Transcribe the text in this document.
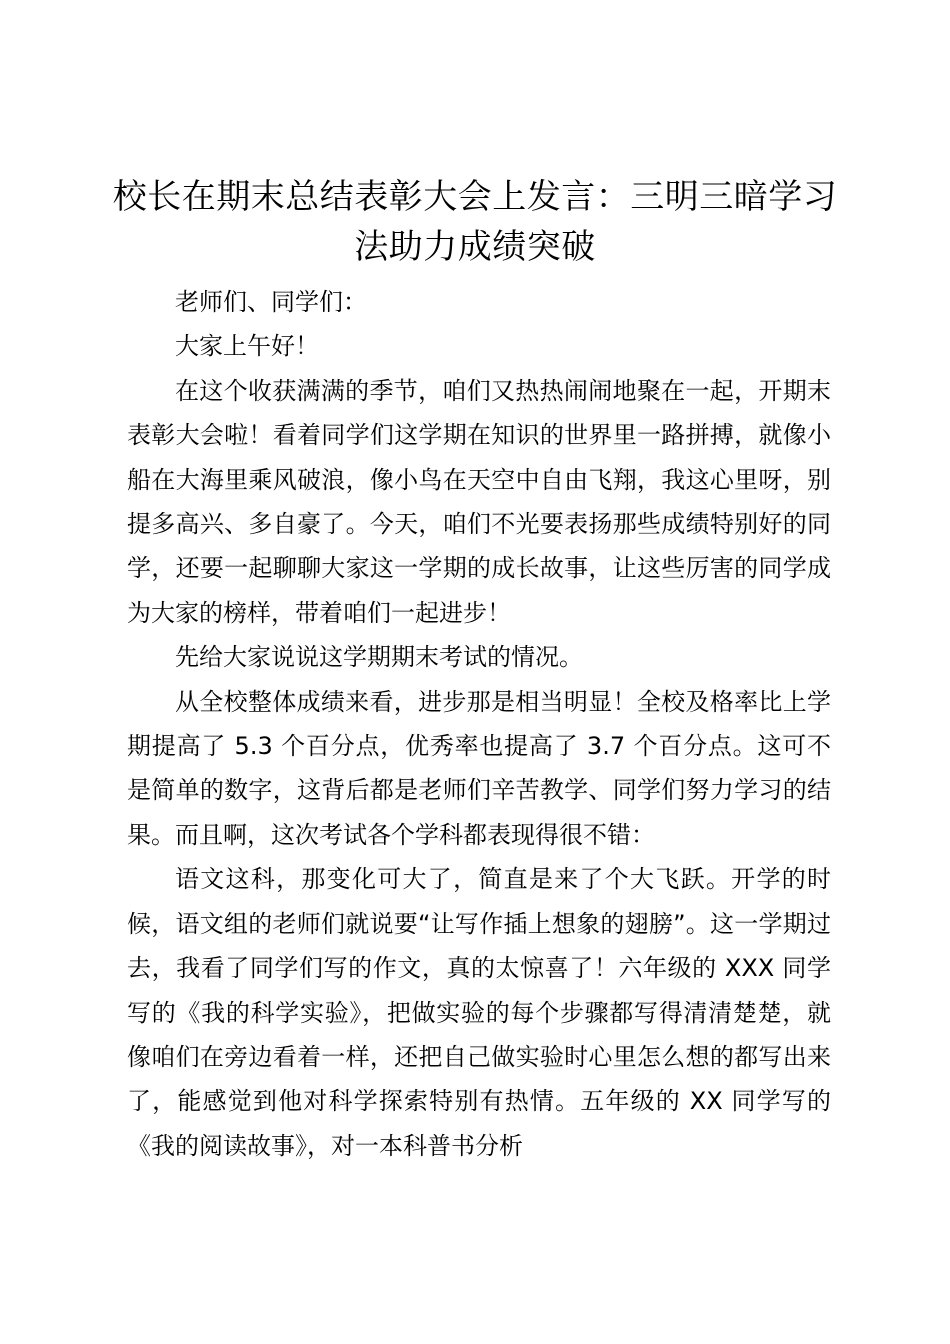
校长在期末总结表彰大会上发言：三明三暗学习法助力成绩突破

老师们、同学们：

大家上午好！

在这个收获满满的季节，咱们又热热闹闹地聚在一起，开期末表彰大会啦！看着同学们这学期在知识的世界里一路拼搏，就像小船在大海里乘风破浪，像小鸟在天空中自由飞翔，我这心里呀，别提多高兴、多自豪了。今天，咱们不光要表扬那些成绩特别好的同学，还要一起聊聊大家这一学期的成长故事，让这些厉害的同学成为大家的榜样，带着咱们一起进步！

先给大家说说这学期期末考试的情况。

从全校整体成绩来看，进步那是相当明显！全校及格率比上学期提高了 5.3 个百分点，优秀率也提高了 3.7 个百分点。这可不是简单的数字，这背后都是老师们辛苦教学、同学们努力学习的结果。而且啊，这次考试各个学科都表现得很不错：

语文这科，那变化可大了，简直是来了个大飞跃。开学的时候，语文组的老师们就说要“让写作插上想象的翅膀”。这一学期过去，我看了同学们写的作文，真的太惊喜了！六年级的 XXX 同学写的《我的科学实验》，把做实验的每个步骤都写得清清楚楚，就像咱们在旁边看着一样，还把自己做实验时心里怎么想的都写出来了，能感觉到他对科学探索特别有热情。五年级的 XX 同学写的《我的阅读故事》，对一本科普书分析
